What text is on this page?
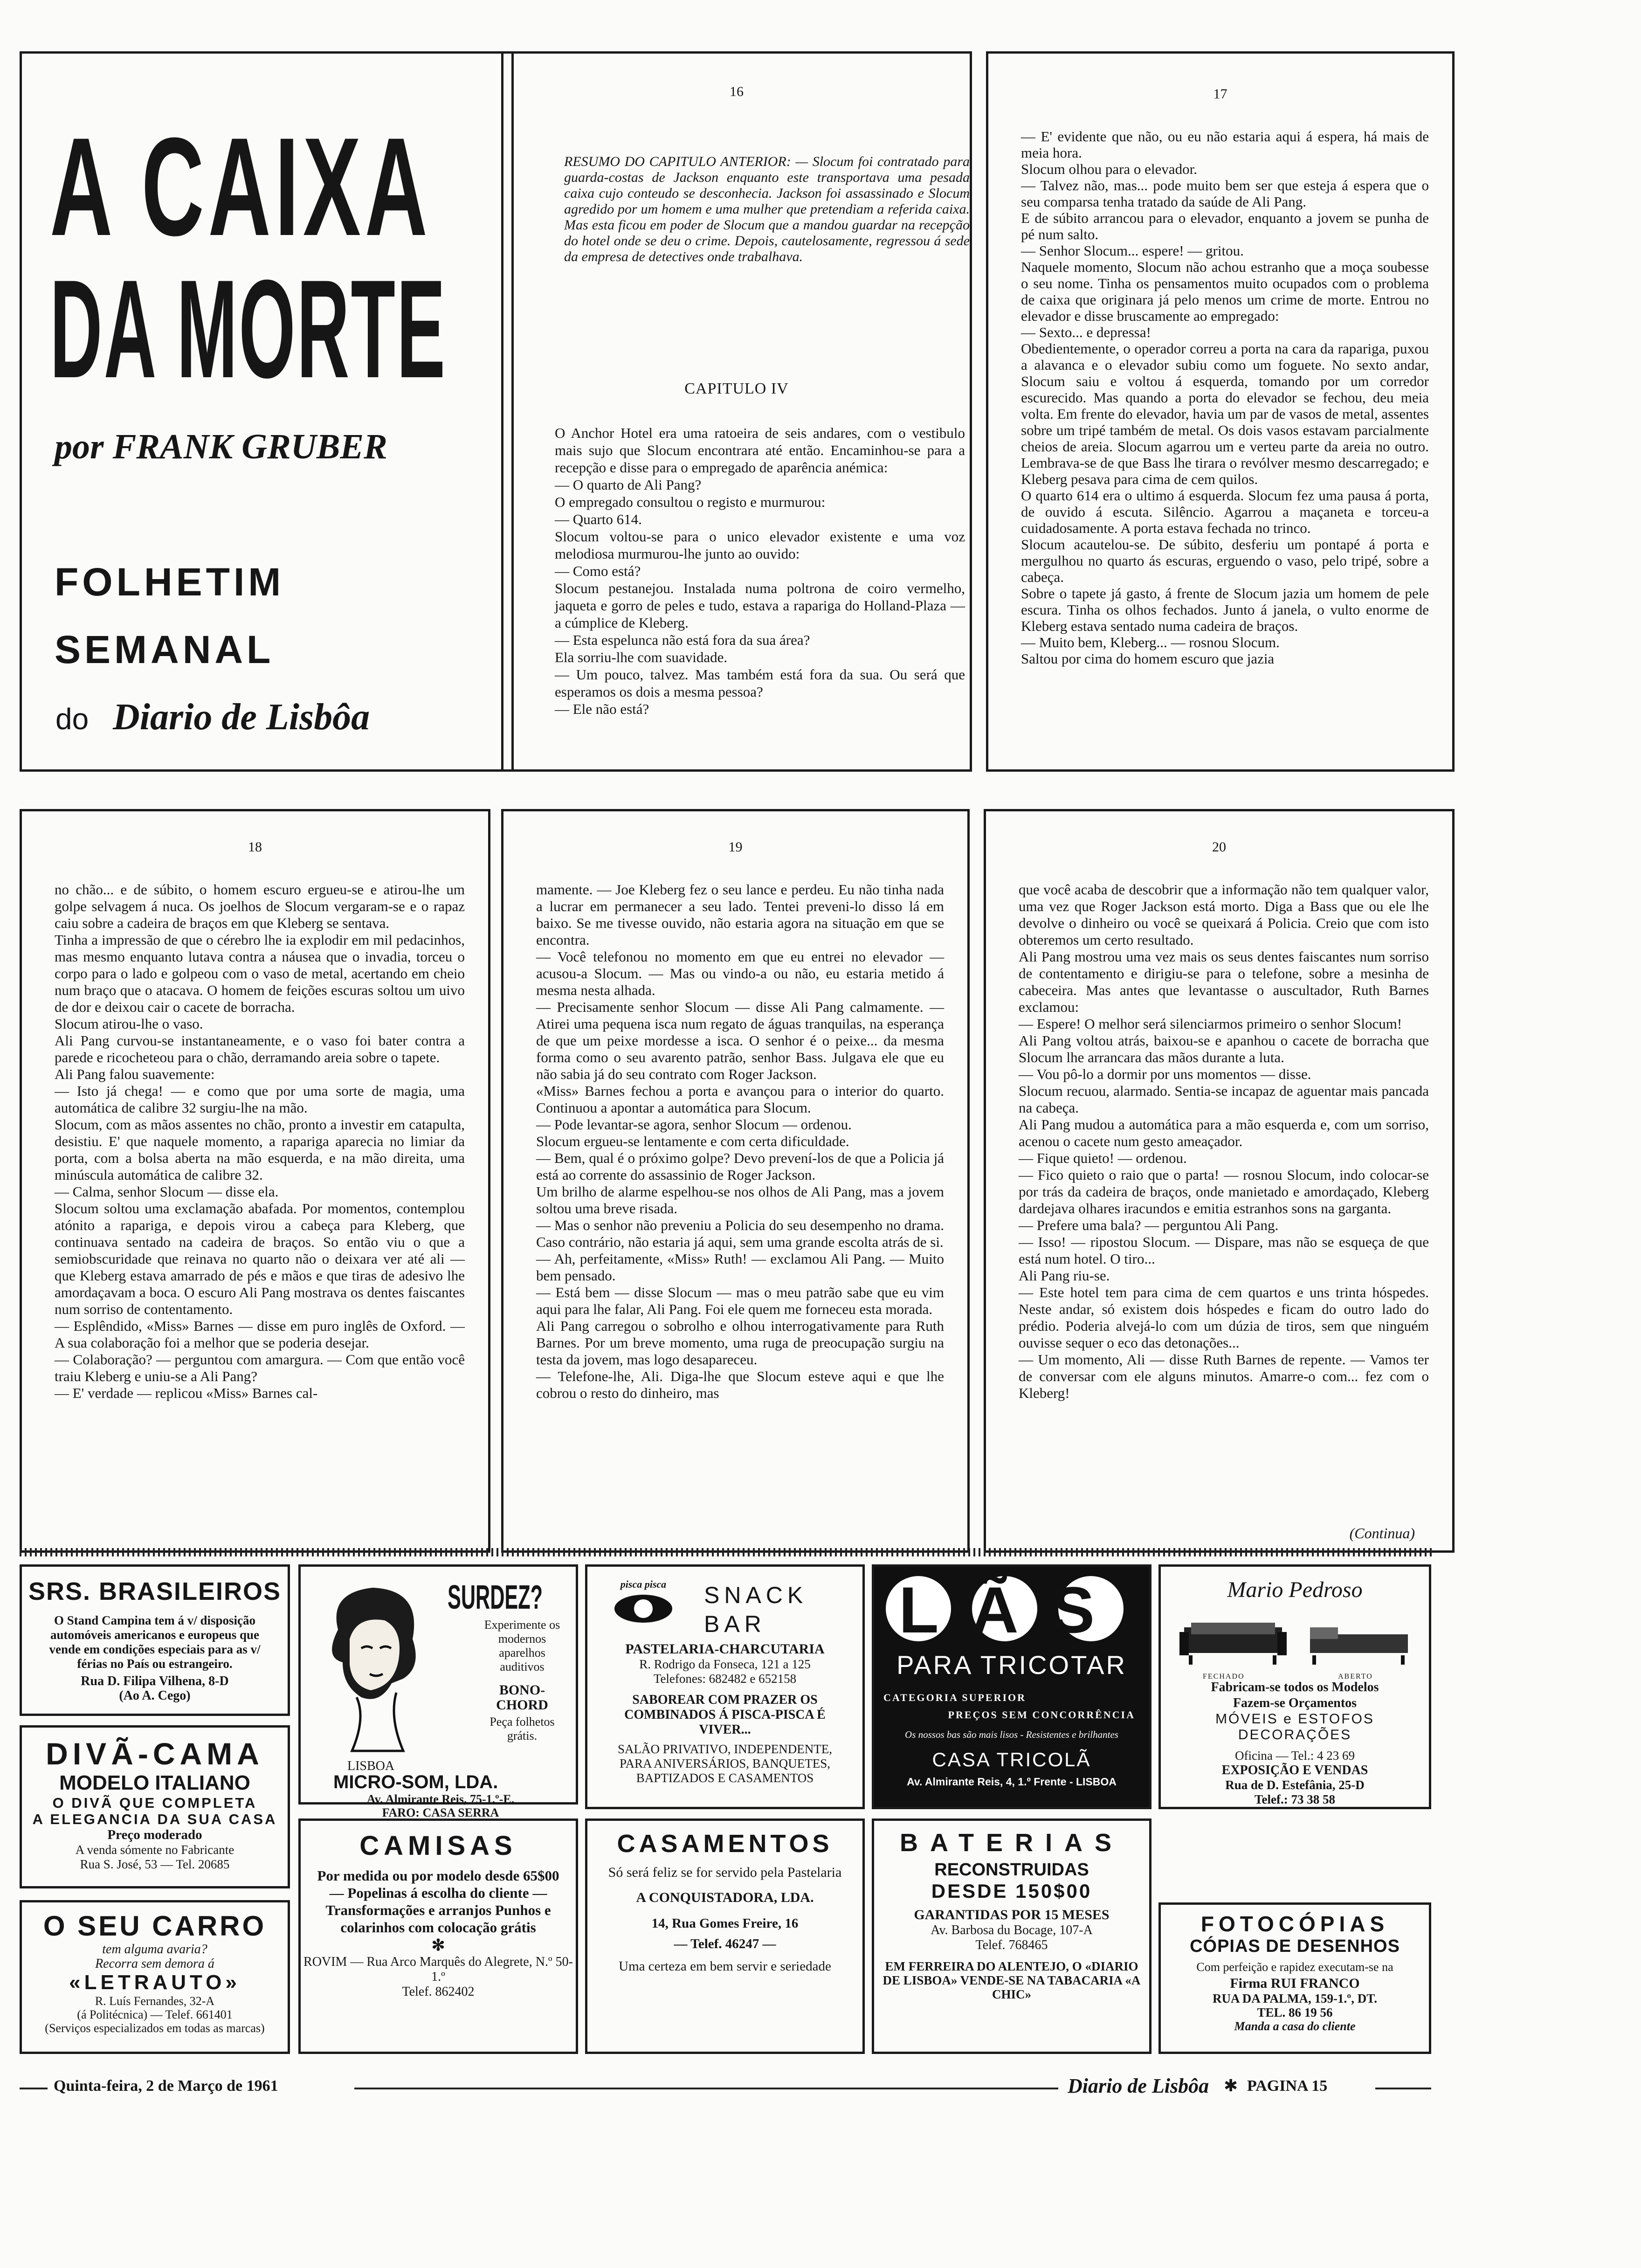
A CAIXA
DA MORTE
por FRANK GRUBER
FOLHETIM
SEMANAL
do Diario de Lisbôa
16
RESUMO DO CAPITULO ANTERIOR: — Slocum foi contratado para guarda-costas de Jackson enquanto este transportava uma pesada caixa cujo conteudo se desconhecia. Jackson foi assassinado e Slocum agredido por um homem e uma mulher que pretendiam a referida caixa. Mas esta ficou em poder de Slocum que a mandou guardar na recepção do hotel onde se deu o crime. Depois, cautelosamente, regressou á sede da empresa de detectives onde trabalhava.
CAPITULO IV
O Anchor Hotel era uma ratoeira de seis andares, com o vestibulo mais sujo que Slocum encontrara até então. Encaminhou-se para a recepção e disse para o empregado de aparência anémica:
— O quarto de Ali Pang?
O empregado consultou o registo e murmurou:
— Quarto 614.
Slocum voltou-se para o unico elevador existente e uma voz melodiosa murmurou-lhe junto ao ouvido:
— Como está?
Slocum pestanejou. Instalada numa poltrona de coiro vermelho, jaqueta e gorro de peles e tudo, estava a rapariga do Holland-Plaza — a cúmplice de Kleberg.
— Esta espelunca não está fora da sua área?
Ela sorriu-lhe com suavidade.
— Um pouco, talvez. Mas também está fora da sua. Ou será que esperamos os dois a mesma pessoa?
— Ele não está?
17
— E' evidente que não, ou eu não estaria aqui á espera, há mais de meia hora.
Slocum olhou para o elevador.
— Talvez não, mas... pode muito bem ser que esteja á espera que o seu comparsa tenha tratado da saúde de Ali Pang.
E de súbito arrancou para o elevador, enquanto a jovem se punha de pé num salto.
— Senhor Slocum... espere! — gritou.
Naquele momento, Slocum não achou estranho que a moça soubesse o seu nome. Tinha os pensamentos muito ocupados com o problema de caixa que originara já pelo menos um crime de morte. Entrou no elevador e disse bruscamente ao empregado:
— Sexto... e depressa!
Obedientemente, o operador correu a porta na cara da rapariga, puxou a alavanca e o elevador subiu como um foguete. No sexto andar, Slocum saiu e voltou á esquerda, tomando por um corredor escurecido. Mas quando a porta do elevador se fechou, deu meia volta. Em frente do elevador, havia um par de vasos de metal, assentes sobre um tripé também de metal. Os dois vasos estavam parcialmente cheios de areia. Slocum agarrou um e verteu parte da areia no outro. Lembrava-se de que Bass lhe tirara o revólver mesmo descarregado; e Kleberg pesava para cima de cem quilos.
O quarto 614 era o ultimo á esquerda. Slocum fez uma pausa á porta, de ouvido á escuta. Silêncio. Agarrou a maçaneta e torceu-a cuidadosamente. A porta estava fechada no trinco.
Slocum acautelou-se. De súbito, desferiu um pontapé á porta e mergulhou no quarto ás escuras, erguendo o vaso, pelo tripé, sobre a cabeça.
Sobre o tapete já gasto, á frente de Slocum jazia um homem de pele escura. Tinha os olhos fechados. Junto á janela, o vulto enorme de Kleberg estava sentado numa cadeira de braços.
— Muito bem, Kleberg... — rosnou Slocum.
Saltou por cima do homem escuro que jazia
18
no chão... e de súbito, o homem escuro ergueu-se e atirou-lhe um golpe selvagem á nuca. Os joelhos de Slocum vergaram-se e o rapaz caiu sobre a cadeira de braços em que Kleberg se sentava.
Tinha a impressão de que o cérebro lhe ia explodir em mil pedacinhos, mas mesmo enquanto lutava contra a náusea que o invadia, torceu o corpo para o lado e golpeou com o vaso de metal, acertando em cheio num braço que o atacava. O homem de feições escuras soltou um uivo de dor e deixou cair o cacete de borracha.
Slocum atirou-lhe o vaso.
Ali Pang curvou-se instantaneamente, e o vaso foi bater contra a parede e ricocheteou para o chão, derramando areia sobre o tapete.
Ali Pang falou suavemente:
— Isto já chega! — e como que por uma sorte de magia, uma automática de calibre 32 surgiu-lhe na mão.
Slocum, com as mãos assentes no chão, pronto a investir em catapulta, desistiu. E' que naquele momento, a rapariga aparecia no limiar da porta, com a bolsa aberta na mão esquerda, e na mão direita, uma minúscula automática de calibre 32.
— Calma, senhor Slocum — disse ela.
Slocum soltou uma exclamação abafada. Por momentos, contemplou atónito a rapariga, e depois virou a cabeça para Kleberg, que continuava sentado na cadeira de braços. So então viu o que a semiobscuridade que reinava no quarto não o deixara ver até ali — que Kleberg estava amarrado de pés e mãos e que tiras de adesivo lhe amordaçavam a boca. O escuro Ali Pang mostrava os dentes faiscantes num sorriso de contentamento.
— Esplêndido, «Miss» Barnes — disse em puro inglês de Oxford. — A sua colaboração foi a melhor que se poderia desejar.
— Colaboração? — perguntou com amargura. — Com que então você traiu Kleberg e uniu-se a Ali Pang?
— E' verdade — replicou «Miss» Barnes cal-
19
mamente. — Joe Kleberg fez o seu lance e perdeu. Eu não tinha nada a lucrar em permanecer a seu lado. Tentei preveni-lo disso lá em baixo. Se me tivesse ouvido, não estaria agora na situação em que se encontra.
— Você telefonou no momento em que eu entrei no elevador — acusou-a Slocum. — Mas ou vindo-a ou não, eu estaria metido á mesma nesta alhada.
— Precisamente senhor Slocum — disse Ali Pang calmamente. — Atirei uma pequena isca num regato de águas tranquilas, na esperança de que um peixe mordesse a isca. O senhor é o peixe... da mesma forma como o seu avarento patrão, senhor Bass. Julgava ele que eu não sabia já do seu contrato com Roger Jackson.
«Miss» Barnes fechou a porta e avançou para o interior do quarto. Continuou a apontar a automática para Slocum.
— Pode levantar-se agora, senhor Slocum — ordenou.
Slocum ergueu-se lentamente e com certa dificuldade.
— Bem, qual é o próximo golpe? Devo prevení-los de que a Policia já está ao corrente do assassinio de Roger Jackson.
Um brilho de alarme espelhou-se nos olhos de Ali Pang, mas a jovem soltou uma breve risada.
— Mas o senhor não preveniu a Policia do seu desempenho no drama. Caso contrário, não estaria já aqui, sem uma grande escolta atrás de si.
— Ah, perfeitamente, «Miss» Ruth! — exclamou Ali Pang. — Muito bem pensado.
— Está bem — disse Slocum — mas o meu patrão sabe que eu vim aqui para lhe falar, Ali Pang. Foi ele quem me forneceu esta morada.
Ali Pang carregou o sobrolho e olhou interrogativamente para Ruth Barnes. Por um breve momento, uma ruga de preocupação surgiu na testa da jovem, mas logo desapareceu.
— Telefone-lhe, Ali. Diga-lhe que Slocum esteve aqui e que lhe cobrou o resto do dinheiro, mas
20
que você acaba de descobrir que a informação não tem qualquer valor, uma vez que Roger Jackson está morto. Diga a Bass que ou ele lhe devolve o dinheiro ou você se queixará á Policia. Creio que com isto obteremos um certo resultado.
Ali Pang mostrou uma vez mais os seus dentes faiscantes num sorriso de contentamento e dirigiu-se para o telefone, sobre a mesinha de cabeceira. Mas antes que levantasse o auscultador, Ruth Barnes exclamou:
— Espere! O melhor será silenciarmos primeiro o senhor Slocum!
Ali Pang voltou atrás, baixou-se e apanhou o cacete de borracha que Slocum lhe arrancara das mãos durante a luta.
— Vou pô-lo a dormir por uns momentos — disse.
Slocum recuou, alarmado. Sentia-se incapaz de aguentar mais pancada na cabeça.
Ali Pang mudou a automática para a mão esquerda e, com um sorriso, acenou o cacete num gesto ameaçador.
— Fique quieto! — ordenou.
— Fico quieto o raio que o parta! — rosnou Slocum, indo colocar-se por trás da cadeira de braços, onde manietado e amordaçado, Kleberg dardejava olhares iracundos e emitia estranhos sons na garganta.
— Prefere uma bala? — perguntou Ali Pang.
— Isso! — ripostou Slocum. — Dispare, mas não se esqueça de que está num hotel. O tiro...
Ali Pang riu-se.
— Este hotel tem para cima de cem quartos e uns trinta hóspedes. Neste andar, só existem dois hóspedes e ficam do outro lado do prédio. Poderia alvejá-lo com um dúzia de tiros, sem que ninguém ouvisse sequer o eco das detonações...
— Um momento, Ali — disse Ruth Barnes de repente. — Vamos ter de conversar com ele alguns minutos. Amarre-o com... fez com o Kleberg!
(Continua)
SRS. BRASILEIROS
O Stand Campina tem á v/ disposição automóveis americanos e europeus que vende em condições especiais para as v/ férias no País ou estrangeiro.
Rua D. Filipa Vilhena, 8-D
(Ao A. Cego)
DIVÃ-CAMA
MODELO ITALIANO
O DIVÃ QUE COMPLETA
A ELEGANCIA DA SUA CASA
Preço moderado
A venda sómente no Fabricante
Rua S. José, 53 — Tel. 20685
O SEU CARRO
tem alguma avaria?
Recorra sem demora á
«LETRAUTO»
R. Luís Fernandes, 32-A
(á Politécnica) — Telef. 661401
(Serviços especializados em todas as marcas)
SURDEZ?
Experimente os modernos aparelhos auditivos
BONO-
CHORD
Peça folhetos grátis.
LISBOA
MICRO-SOM, LDA.
Av. Almirante Reis, 75-1.º-E.
FARO: CASA SERRA
CAMISAS
Por medida ou por modelo desde 65$00 — Popelinas á escolha do cliente — Transformações e arranjos Punhos e colarinhos com colocação grátis
✻
ROVIM — Rua Arco Marquês do Alegrete, N.º 50-1.º
Telef. 862402
pisca pisca	SNACK BAR
PASTELARIA-CHARCUTARIA
R. Rodrigo da Fonseca, 121 a 125
Telefones: 682482 e 652158
SABOREAR COM PRAZER OS COMBINADOS Á PISCA-PISCA É VIVER...
SALÃO PRIVATIVO, INDEPENDENTE, PARA ANIVERSÁRIOS, BANQUETES, BAPTIZADOS E CASAMENTOS
CASAMENTOS
Só será feliz se for servido pela Pastelaria
A CONQUISTADORA, LDA.
14, Rua Gomes Freire, 16
— Telef. 46247 —
Uma certeza em bem servir e seriedade
LÃS
PARA TRICOTAR
CATEGORIA SUPERIOR
PREÇOS SEM CONCORRÊNCIA
Os nossos bas são mais lisos - Resistentes e brilhantes
CASA TRICOLÃ
Av. Almirante Reis, 4, 1.º Frente - LISBOA
BATERIAS
RECONSTRUIDAS
DESDE 150$00
GARANTIDAS POR 15 MESES
Av. Barbosa du Bocage, 107-A
Telef. 768465
EM FERREIRA DO ALENTEJO, O «DIARIO DE LISBOA» VENDE-SE NA TABACARIA «A CHIC»
Mario Pedroso
FECHADO	ABERTO
Fabricam-se todos os Modelos
Fazem-se Orçamentos
MÓVEIS e ESTOFOS
DECORAÇÕES
Oficina — Tel.: 4 23 69
EXPOSIÇÃO E VENDAS
Rua de D. Estefânia, 25-D
Telef.: 73 38 58
FOTOCÓPIAS
CÓPIAS DE DESENHOS
Com perfeição e rapidez executam-se na
Firma RUI FRANCO
RUA DA PALMA, 159-1.º, DT.
TEL. 86 19 56
Manda a casa do cliente
Quinta-feira, 2 de Março de 1961	Diario de Lisbôa ✱ PAGINA 15
